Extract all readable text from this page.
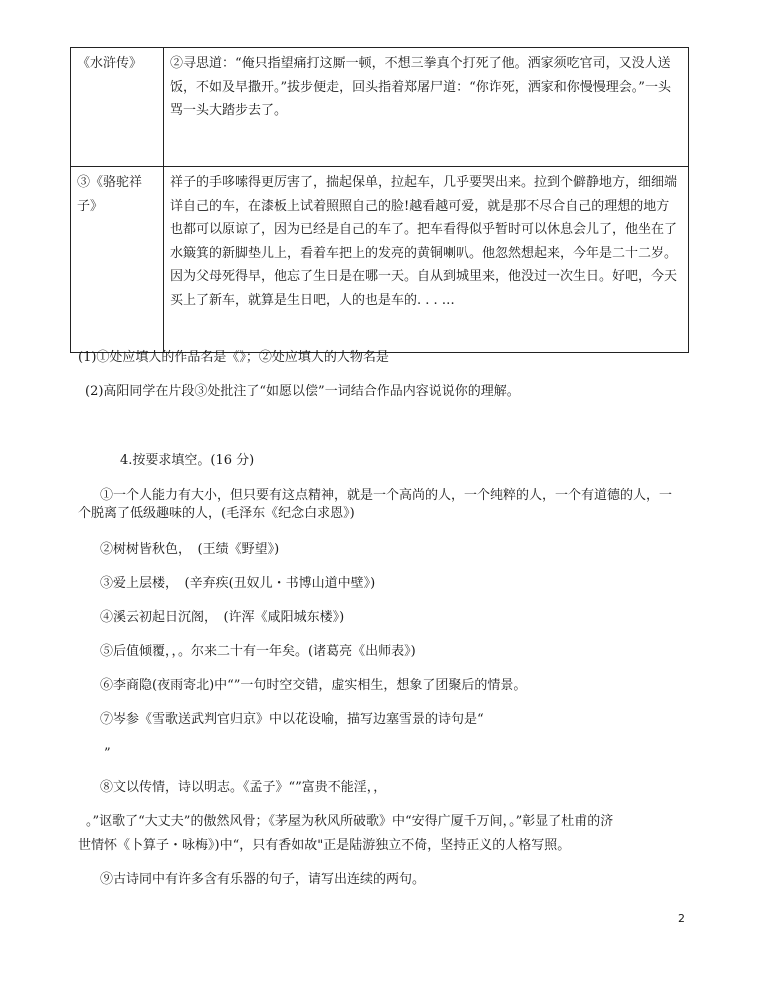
《水浒传》	②寻思道：“俺只指望痛打这厮一顿，不想三拳真个打死了他。洒家须吃官司，又没人送饭，不如及早撒开。”拔步便走，回头指着郑屠尸道：“你诈死，洒家和你慢慢理会。”一头骂一头大踏步去了。
③《骆驼祥子》	祥子的手哆嗦得更厉害了，揣起保单，拉起车，几乎要哭出来。拉到个僻静地方，细细端详自己的车，在漆板上试着照照自己的脸!越看越可爱，就是那不尽合自己的理想的地方也都可以原谅了，因为已经是自己的车了。把车看得似乎暂时可以休息会儿了，他坐在了水簸箕的新脚垫儿上，看着车把上的发亮的黄铜喇叭。他忽然想起来，今年是二十二岁。因为父母死得早，他忘了生日是在哪一天。自从到城里来，他没过一次生日。好吧，今天买上了新车，就算是生日吧，人的也是车的. . . …
(1)①处应填人的作品名是《》；②处应填人的人物名是
(2)高阳同学在片段③处批注了“如愿以偿”一词结合作品内容说说你的理解。
4.按要求填空。(16 分)
①一个人能力有大小，但只要有这点精神，就是一个高尚的人，一个纯粹的人，一个有道德的人，一
个脱离了低级趣味的人，(毛泽东《纪念白求恩》)
②树树皆秋色，　(王绩《野望》)
③爱上层楼，　(辛弃疾(丑奴儿・书博山道中壁》)
④溪云初起日沉阁，　(许浑《咸阳城东楼》)
⑤后值倾覆，，。尔来二十有一年矣。(诸葛亮《出师表》)
⑥李商隐(夜雨寄北)中“”一句时空交错，虚实相生，想象了团聚后的情景。
⑦岑参《雪歌送武判官归京》中以花设喻，描写边塞雪景的诗句是“
”
⑧文以传情，诗以明志。《孟子》“”富贵不能淫，，
。”讴歌了“大丈夫”的傲然风骨；《茅屋为秋风所破歌》中“安得广厦千万间，。”彰显了杜甫的济
世情怀《卜算子・咏梅》)中“，只有香如故"正是陆游独立不倚，坚持正义的人格写照。
⑨古诗同中有许多含有乐器的句子，请写出连续的两句。
2
